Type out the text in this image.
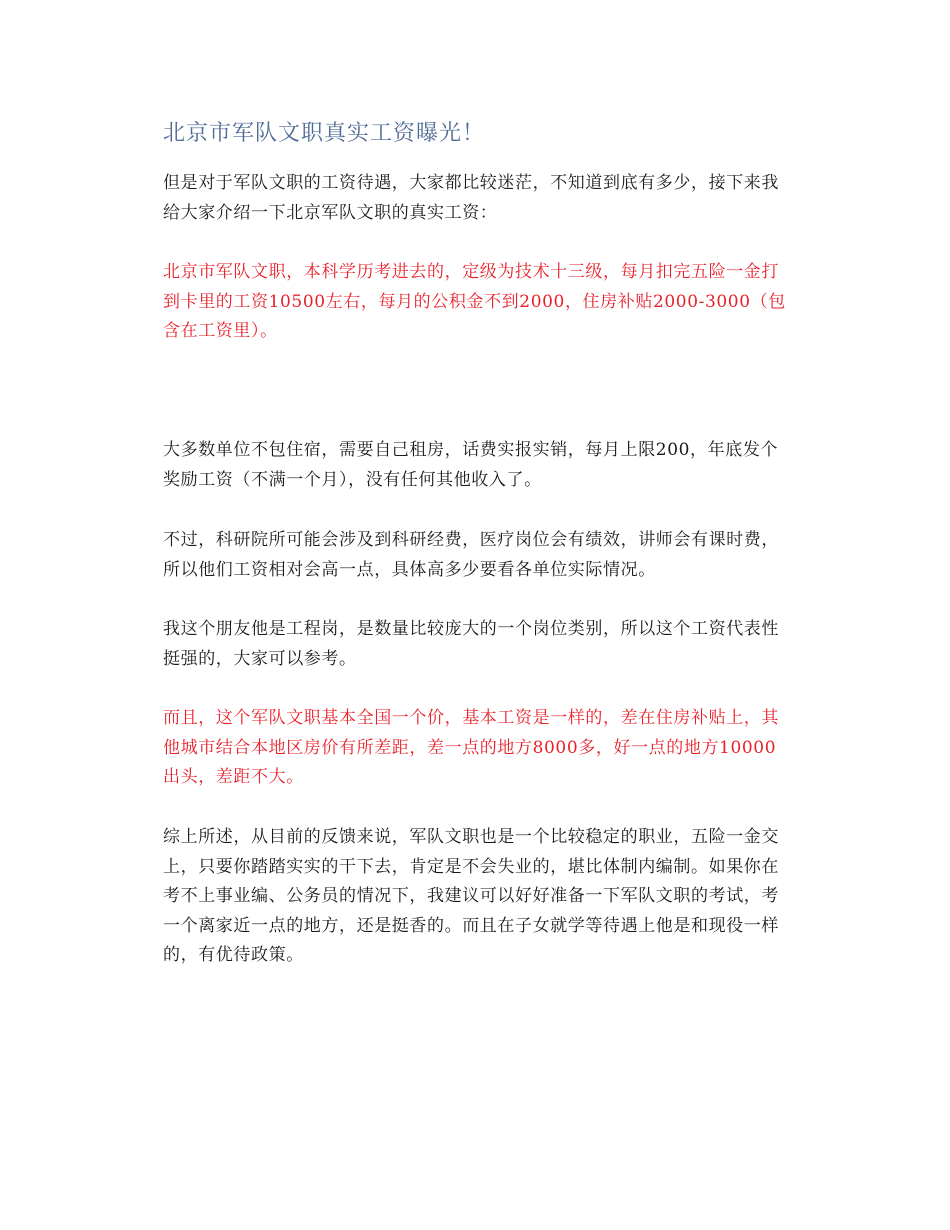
北京市军队文职真实工资曝光！

但是对于军队文职的工资待遇，大家都比较迷茫，不知道到底有多少，接下来我给大家介绍一下北京军队文职的真实工资：

北京市军队文职，本科学历考进去的，定级为技术十三级，每月扣完五险一金打到卡里的工资10500左右，每月的公积金不到2000，住房补贴2000-3000（包含在工资里）。

大多数单位不包住宿，需要自己租房，话费实报实销，每月上限200，年底发个奖励工资（不满一个月），没有任何其他收入了。

不过，科研院所可能会涉及到科研经费，医疗岗位会有绩效，讲师会有课时费，所以他们工资相对会高一点，具体高多少要看各单位实际情况。

我这个朋友他是工程岗，是数量比较庞大的一个岗位类别，所以这个工资代表性挺强的，大家可以参考。

而且，这个军队文职基本全国一个价，基本工资是一样的，差在住房补贴上，其他城市结合本地区房价有所差距，差一点的地方8000多，好一点的地方10000出头，差距不大。

综上所述，从目前的反馈来说，军队文职也是一个比较稳定的职业，五险一金交上，只要你踏踏实实的干下去，肯定是不会失业的，堪比体制内编制。如果你在考不上事业编、公务员的情况下，我建议可以好好准备一下军队文职的考试，考一个离家近一点的地方，还是挺香的。而且在子女就学等待遇上他是和现役一样的，有优待政策。
